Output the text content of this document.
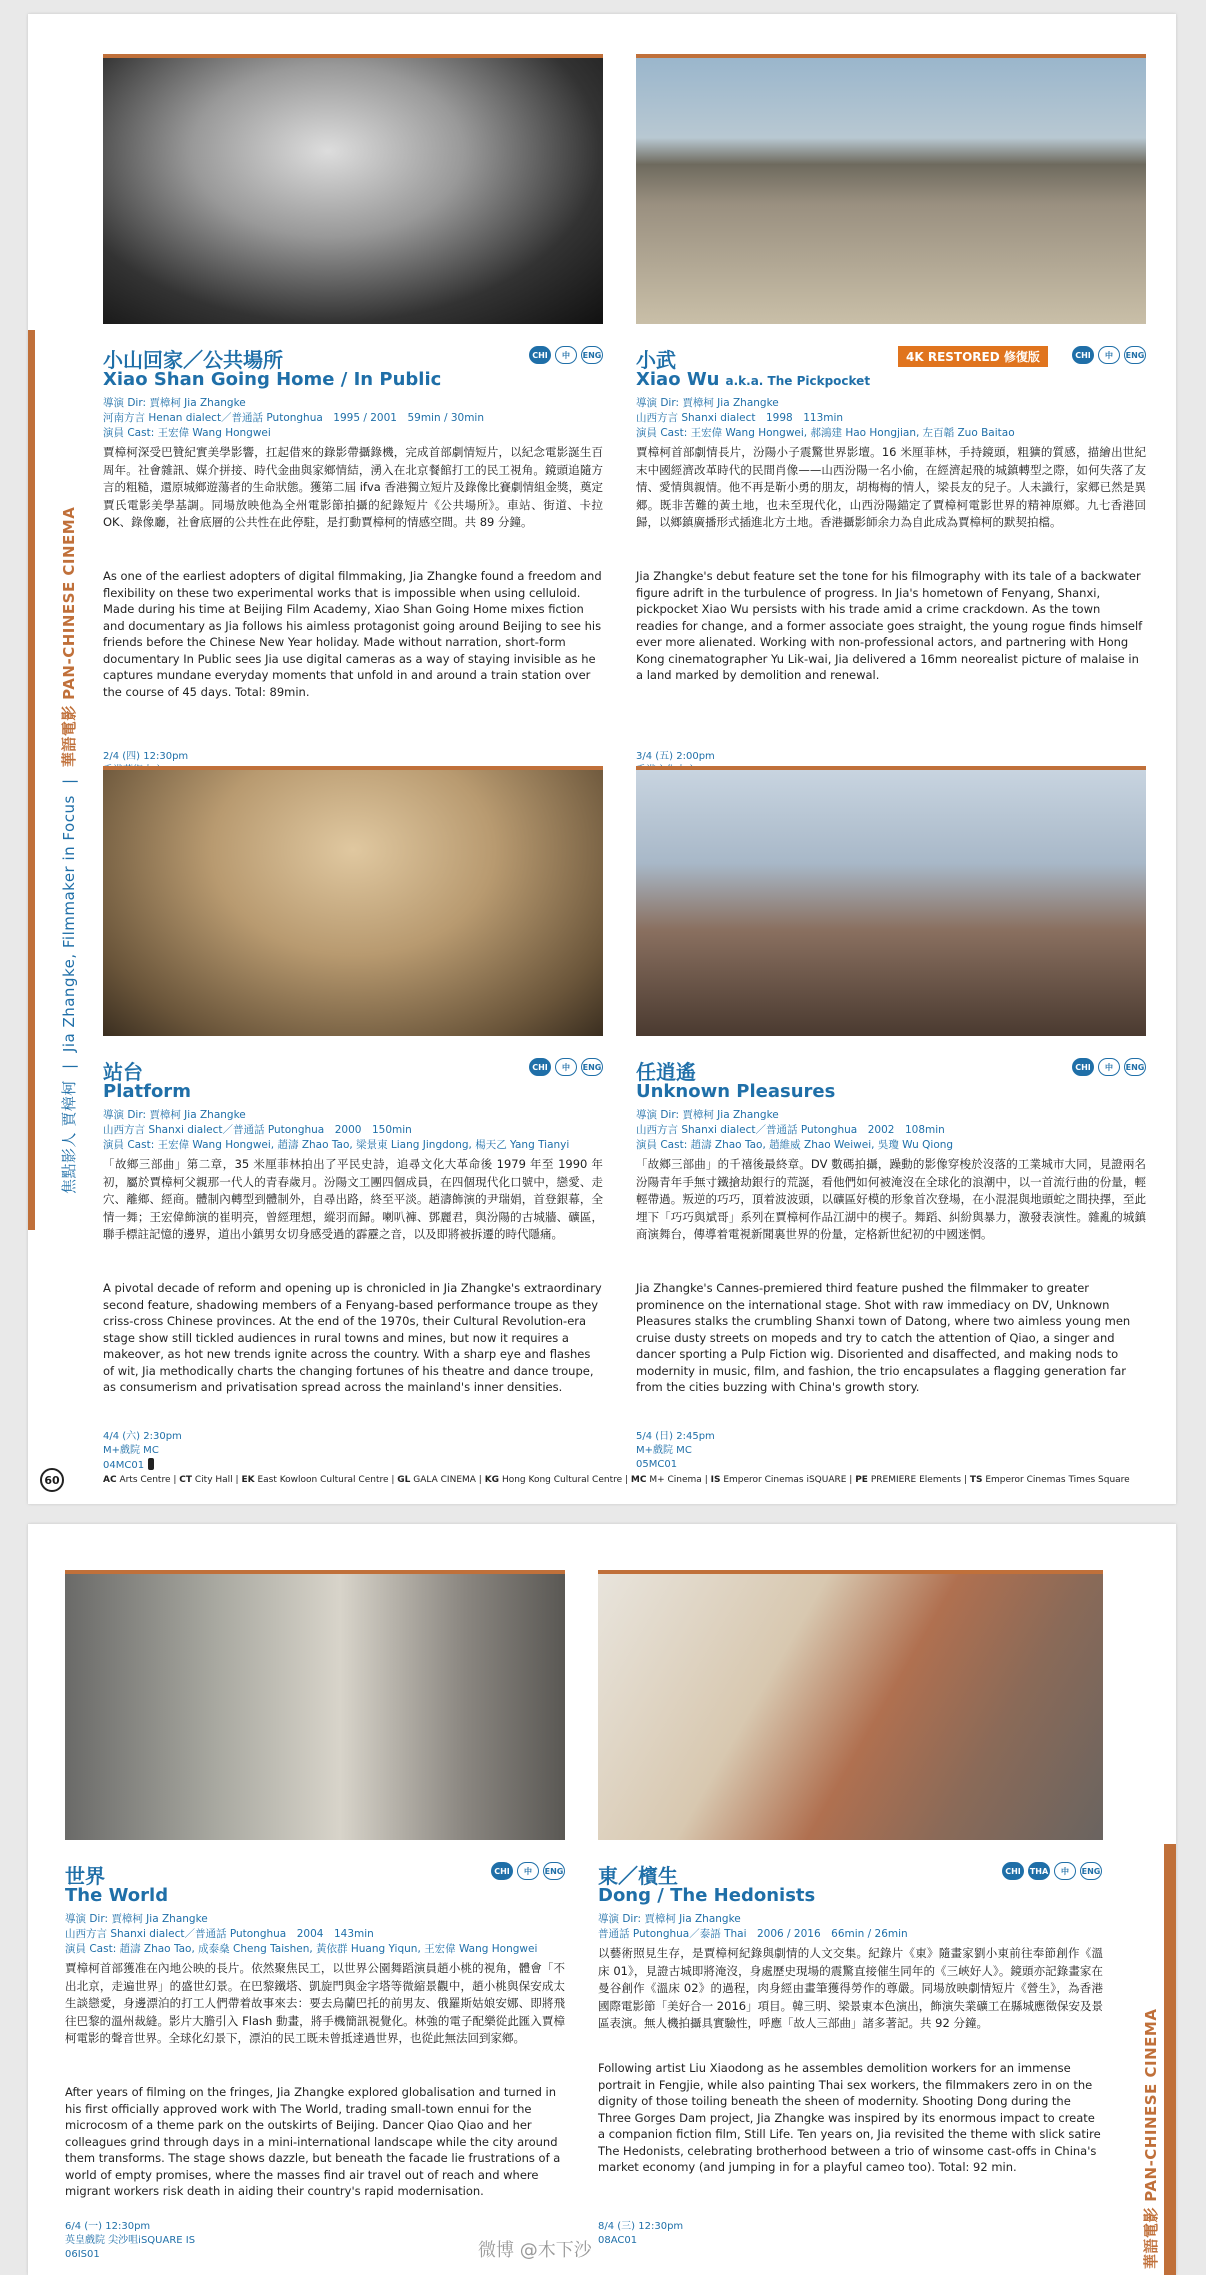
焦點影人 賈樟柯 | Jia Zhangke, Filmmaker in Focus | 華語電影 PAN-CHINESE CINEMA
小山回家／公共場所	CHI	中	ENG
Xiao Shan Going Home / In Public
導演 Dir: 賈樟柯 Jia Zhangke
河南方言 Henan dialect／普通話 Putonghua　1995 / 2001　59min / 30min
演員 Cast: 王宏偉 Wang Hongwei
賈樟柯深受巴贊紀實美學影響，扛起借來的錄影帶攝錄機，完成首部劇情短片，以紀念電影誕生百周年。社會雜訊、媒介拼接、時代金曲與家鄉情結，湧入在北京餐館打工的民工視角。鏡頭追隨方言的粗糙，還原城鄉遊蕩者的生命狀態。獲第二屆 ifva 香港獨立短片及錄像比賽劇情組金獎，奠定賈氏電影美學基調。同場放映他為全州電影節拍攝的紀錄短片《公共場所》。車站、街道、卡拉 OK、錄像廳，社會底層的公共性在此停駐，是打動賈樟柯的情感空間。共 89 分鐘。
As one of the earliest adopters of digital filmmaking, Jia Zhangke found a freedom and flexibility on these two experimental works that is impossible when using celluloid. Made during his time at Beijing Film Academy, Xiao Shan Going Home mixes fiction and documentary as Jia follows his aimless protagonist going around Beijing to see his friends before the Chinese New Year holiday. Made without narration, short-form documentary In Public sees Jia use digital cameras as a way of staying invisible as he captures mundane everyday moments that unfold in and around a train station over the course of 45 days. Total: 89min.
2/4 (四) 12:30pm
小武	4K RESTORED 修復版	CHI	中	ENG
Xiao Wu a.k.a. The Pickpocket
導演 Dir: 賈樟柯 Jia Zhangke
山西方言 Shanxi dialect　1998　113min
演員 Cast: 王宏偉 Wang Hongwei, 郝鴻建 Hao Hongjian, 左百韜 Zuo Baitao
賈樟柯首部劇情長片，汾陽小子震驚世界影壇。16 米厘菲林，手持鏡頭，粗獷的質感，描繪出世紀末中國經濟改革時代的民間肖像——山西汾陽一名小偷，在經濟起飛的城鎮轉型之際，如何失落了友情、愛情與親情。他不再是靳小勇的朋友，胡梅梅的情人，梁長友的兒子。人未識行，家郷已然是異郷。既非苦難的黃土地，也未至現代化，山西汾陽錨定了賈樟柯電影世界的精神原鄉。九七香港回歸，以鄉鎮廣播形式插進北方土地。香港攝影師余力為自此成為賈樟柯的默契拍檔。
Jia Zhangke's debut feature set the tone for his filmography with its tale of a backwater figure adrift in the turbulence of progress. In Jia's hometown of Fenyang, Shanxi, pickpocket Xiao Wu persists with his trade amid a crime crackdown. As the town readies for change, and a former associate goes straight, the young rogue finds himself ever more alienated. Working with non-professional actors, and partnering with Hong Kong cinematographer Yu Lik-wai, Jia delivered a 16mm neorealist picture of malaise in a land marked by demolition and renewal.
3/4 (五) 2:00pm
站台	CHI	中	ENG
Platform
導演 Dir: 賈樟柯 Jia Zhangke
山西方言 Shanxi dialect／普通話 Putonghua　2000　150min
演員 Cast: 王宏偉 Wang Hongwei, 趙濤 Zhao Tao, 梁景東 Liang Jingdong, 楊天乙 Yang Tianyi
「故鄉三部曲」第二章，35 米厘菲林拍出了平民史詩，追尋文化大革命後 1979 年至 1990 年初，屬於賈樟柯父親那一代人的青春歲月。汾陽文工團四個成員，在四個現代化口號中，戀愛、走穴、離鄉、經商。體制內轉型到體制外，自尋出路，終至平淡。趙濤飾演的尹瑞娟，首登銀幕，全情一舞；王宏偉飾演的崔明亮，曾經理想，縱羽而歸。喇叭褲、鄧麗君，與汾陽的古城牆、礦區，聯手標註記憶的邊界，道出小鎮男女切身感受過的霹靂之音，以及即將被拆遷的時代隱痛。
A pivotal decade of reform and opening up is chronicled in Jia Zhangke's extraordinary second feature, shadowing members of a Fenyang-based performance troupe as they criss-cross Chinese provinces. At the end of the 1970s, their Cultural Revolution-era stage show still tickled audiences in rural towns and mines, but now it requires a makeover, as hot new trends ignite across the country. With a sharp eye and flashes of wit, Jia methodically charts the changing fortunes of his theatre and dance troupe, as consumerism and privatisation spread across the mainland's inner densities.
4/4 (六) 2:30pm
M+戲院 MC
04MC01
任逍遙	CHI	中	ENG
Unknown Pleasures
導演 Dir: 賈樟柯 Jia Zhangke
山西方言 Shanxi dialect／普通話 Putonghua　2002　108min
演員 Cast: 趙濤 Zhao Tao, 趙維威 Zhao Weiwei, 吳瓊 Wu Qiong
「故鄉三部曲」的千禧後最終章。DV 數碼拍攝，躁動的影像穿梭於沒落的工業城市大同，見證兩名汾陽青年手無寸鐵搶劫銀行的荒誕，看他們如何被淹沒在全球化的浪潮中，以一首流行曲的份量，輕輕帶過。叛逆的巧巧，頂着波波頭，以礦區好模的形象首次登場，在小混混與地頭蛇之間抉擇，至此埋下「巧巧與斌哥」系列在賈樟柯作品江湖中的楔子。舞蹈、糾紛與暴力，激發表演性。雜亂的城鎮商演舞台，傳導着電視新聞裏世界的份量，定格新世紀初的中國迷惘。
Jia Zhangke's Cannes-premiered third feature pushed the filmmaker to greater prominence on the international stage. Shot with raw immediacy on DV, Unknown Pleasures stalks the crumbling Shanxi town of Datong, where two aimless young men cruise dusty streets on mopeds and try to catch the attention of Qiao, a singer and dancer sporting a Pulp Fiction wig. Disoriented and disaffected, and making nods to modernity in music, film, and fashion, the trio encapsulates a flagging generation far from the cities buzzing with China's growth story.
5/4 (日) 2:45pm
M+戲院 MC
05MC01
60	AC Arts Centre | CT City Hall | EK East Kowloon Cultural Centre | GL GALA CINEMA | KG Hong Kong Cultural Centre | MC M+ Cinema | IS Emperor Cinemas iSQUARE | PE PREMIERE Elements | TS Emperor Cinemas Times Square
華語電影 PAN-CHINESE CINEMA
世界	CHI	中	ENG
The World
導演 Dir: 賈樟柯 Jia Zhangke
山西方言 Shanxi dialect／普通話 Putonghua　2004　143min
演員 Cast: 趙濤 Zhao Tao, 成泰燊 Cheng Taishen, 黃依群 Huang Yiqun, 王宏偉 Wang Hongwei
賈樟柯首部獲准在內地公映的長片。依然聚焦民工，以世界公園舞蹈演員趙小桃的視角，體會「不出北京，走遍世界」的盛世幻景。在巴黎鐵塔、凱旋門與金字塔等微縮景觀中，趙小桃與保安成太生談戀愛，身邊漂泊的打工人們帶着故事來去：要去烏蘭巴托的前男友、俄羅斯姑娘安娜、即將飛往巴黎的溫州裁縫。影片大膽引入 Flash 動畫，將手機簡訊視覺化。林強的電子配樂從此匯入賈樟柯電影的聲音世界。全球化幻景下，漂泊的民工既未曾抵達過世界，也從此無法回到家鄉。
After years of filming on the fringes, Jia Zhangke explored globalisation and turned in his first officially approved work with The World, trading small-town ennui for the microcosm of a theme park on the outskirts of Beijing. Dancer Qiao Qiao and her colleagues grind through days in a mini-international landscape while the city around them transforms. The stage shows dazzle, but beneath the facade lie frustrations of a world of empty promises, where the masses find air travel out of reach and where migrant workers risk death in aiding their country's rapid modernisation.
6/4 (一) 12:30pm
英皇戲院 尖沙咀iSQUARE IS
06IS01
東／檳生	CHI	THA	中	ENG
Dong / The Hedonists
導演 Dir: 賈樟柯 Jia Zhangke
普通話 Putonghua／泰語 Thai　2006 / 2016　66min / 26min
以藝術照見生存，是賈樟柯紀錄與劇情的人文交集。紀錄片《東》隨畫家劉小東前往奉節創作《溫床 01》，見證古城即將淹沒，身處歷史現場的震驚直接催生同年的《三峽好人》。鏡頭亦記錄畫家在曼谷創作《溫床 02》的過程，肉身經由畫筆獲得勞作的尊嚴。同場放映劇情短片《營生》，為香港國際電影節「美好合一 2016」項目。韓三明、梁景東本色演出，飾演失業礦工在縣城應徵保安及景區表演。無人機拍攝具實驗性，呼應「故人三部曲」諸多著記。共 92 分鐘。
Following artist Liu Xiaodong as he assembles demolition workers for an immense portrait in Fengjie, while also painting Thai sex workers, the filmmakers zero in on the dignity of those toiling beneath the sheen of modernity. Shooting Dong during the Three Gorges Dam project, Jia Zhangke was inspired by its enormous impact to create a companion fiction film, Still Life. Ten years on, Jia revisited the theme with slick satire The Hedonists, celebrating brotherhood between a trio of winsome cast-offs in China's market economy (and jumping in for a playful cameo too). Total: 92 min.
8/4 (三) 12:30pm
08AC01
微博 @木下沙
